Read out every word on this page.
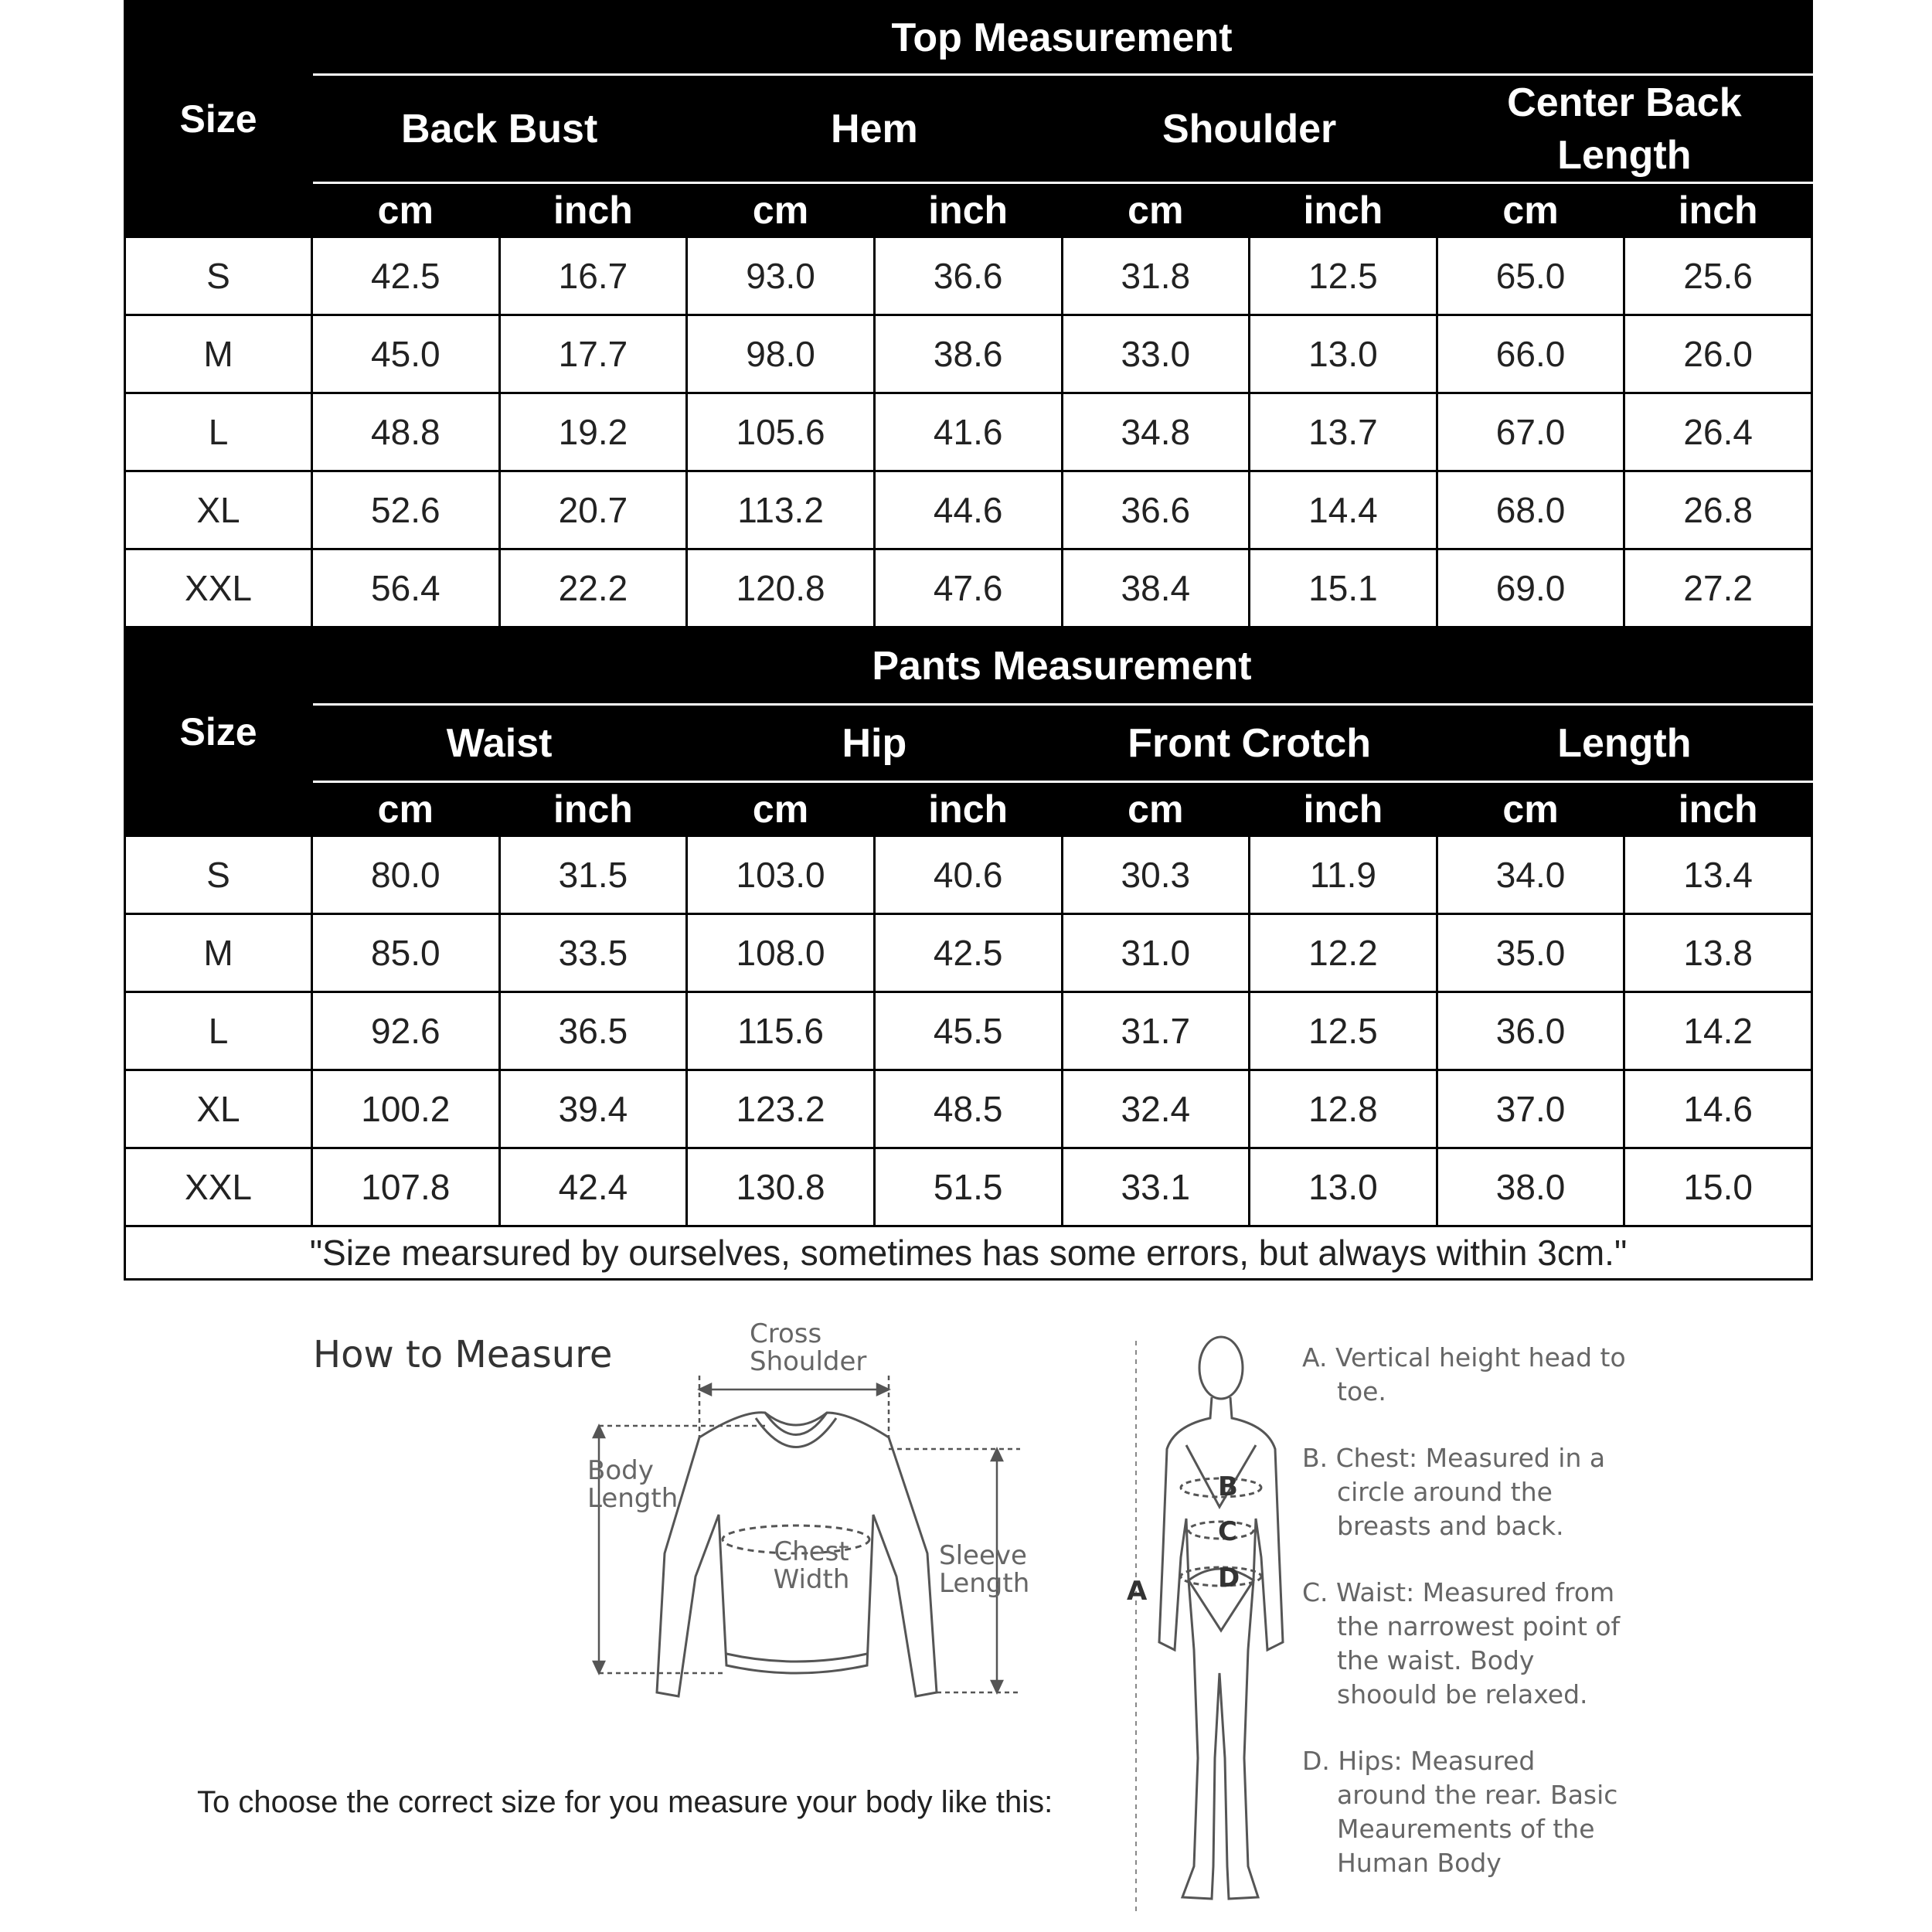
Size	Top Measurement							
	Back Bust		Hem		Shoulder		Center Back Length	
	cm	inch	cm	inch	cm	inch	cm	inch
S	42.5	16.7	93.0	36.6	31.8	12.5	65.0	25.6
M	45.0	17.7	98.0	38.6	33.0	13.0	66.0	26.0
L	48.8	19.2	105.6	41.6	34.8	13.7	67.0	26.4
XL	52.6	20.7	113.2	44.6	36.6	14.4	68.0	26.8
XXL	56.4	22.2	120.8	47.6	38.4	15.1	69.0	27.2
Size	Pants Measurement							
	Waist		Hip		Front Crotch		Length	
	cm	inch	cm	inch	cm	inch	cm	inch
S	80.0	31.5	103.0	40.6	30.3	11.9	34.0	13.4
M	85.0	33.5	108.0	42.5	31.0	12.2	35.0	13.8
L	92.6	36.5	115.6	45.5	31.7	12.5	36.0	14.2
XL	100.2	39.4	123.2	48.5	32.4	12.8	37.0	14.6
XXL	107.8	42.4	130.8	51.5	33.1	13.0	38.0	15.0
"Size mearsured by ourselves, sometimes has some errors, but always within 3cm."								
How to Measure	Cross Shoulder
Body Length
Chest Width
Sleeve Length
To choose the correct size for you measure your body like this:
B
C
D
A

A. Vertical height head to toe.

B. Chest: Measured in a circle around the breasts and back.

C. Waist: Measured from the narrowest point of the waist. Body shoould be relaxed.

D. Hips: Measured around the rear. Basic Meaurements of the Human Body
